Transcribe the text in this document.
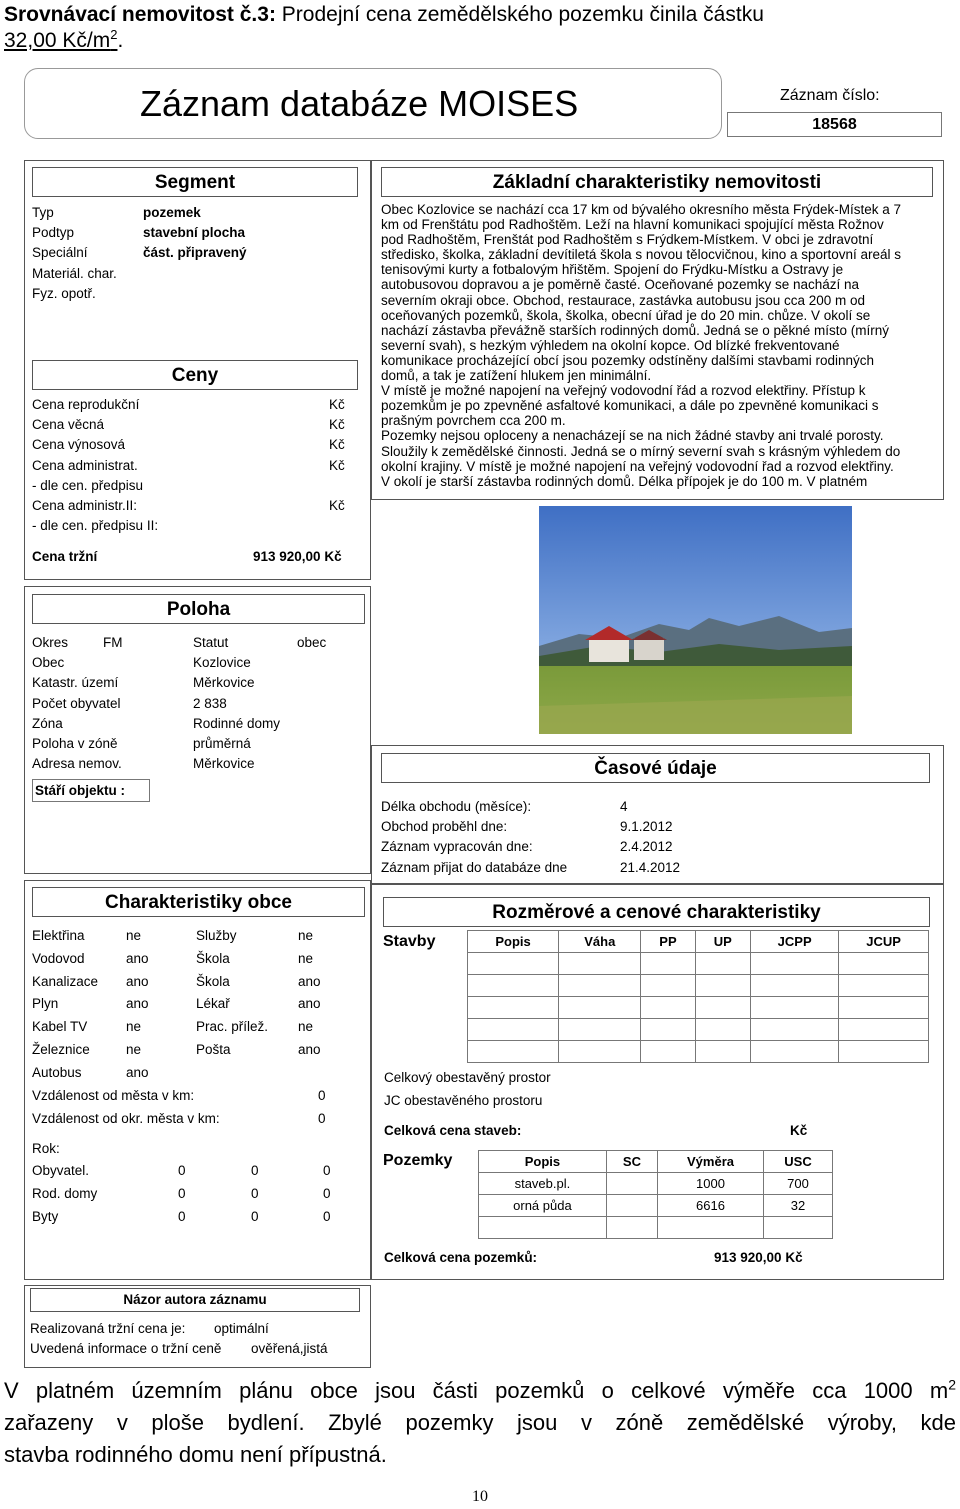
Srovnávací nemovitost č.3: Prodejní cena zemědělského pozemku činila částku
32,00 $Kč/m^2$.
Záznam databáze MOISES	Záznam číslo:
18568
Segment
Typ	pozemek
Podtyp	stavební plocha
Speciální	část. připravený
Materiál. char.
Fyz. opotř.
Ceny
Cena reprodukční	Kč
Cena věcná	Kč
Cena výnosová	Kč
Cena administrat.	Kč
- dle cen. předpisu
Cena administr.II:	Kč
- dle cen. předpisu II:
Cena tržní	913 920,00 Kč
Základní charakteristiky nemovitosti

Obec Kozlovice se nachází cca 17 km od bývalého okresního města Frýdek-Místek a 7

km od Frenštátu pod Radhoštěm. Leží na hlavní komunikaci spojující města Rožnov

pod Radhoštěm, Frenštát pod Radhoštěm s Frýdkem-Místkem. V obci je zdravotní

středisko, školka, základní devítiletá škola s novou tělocvičnou, kino a sportovní areál s

tenisovými kurty a fotbalovým hřištěm. Spojení do Frýdku-Místku a Ostravy je

autobusovou dopravou a je poměrně časté. Oceňované pozemky se nachází na

severním okraji obce. Obchod, restaurace, zastávka autobusu jsou cca 200 m od

oceňovaných pozemků, škola, školka, obecní úřad je do 20 min. chůze. V okolí se

nachází zástavba převážně starších rodinných domů. Jedná se o pěkné místo (mírný

severní svah), s hezkým výhledem na okolní kopce. Od blízké frekventované

komunikace procházející obcí jsou pozemky odstíněny dalšími stavbami rodinných

domů, a tak je zatížení hlukem jen minimální.

V místě je možné napojení na veřejný vodovodní řád a rozvod elektřiny. Přístup k

pozemkům je po zpevněné asfaltové komunikaci, a dále po zpevněné komunikaci s

prašným povrchem cca 200 m.

Pozemky nejsou oploceny a nenacházejí se na nich žádné stavby ani trvalé porosty.

Sloužily k zemědělské činnosti. Jedná se o mírný severní svah s krásným výhledem do

okolní krajiny. V místě je možné napojení na veřejný vodovodní řad a rozvod elektřiny.

V okolí je starší zástavba rodinných domů. Délka přípojek je do 100 m. V platném

Poloha
Okres	FM	Statut	obec
Obec	Kozlovice
Katastr. území	Měrkovice
Počet obyvatel	2 838
Zóna	Rodinné domy
Poloha v zóně	průměrná
Adresa nemov.	Měrkovice
Stáří objektu :
Časové údaje
Délka obchodu (měsíce):	4
Obchod proběhl dne:	9.1.2012
Záznam vypracován dne:	2.4.2012
Záznam přijat do databáze dne	21.4.2012
Charakteristiky obce
Elektřina	ne	Služby	ne
Vodovod	ano	Škola	ne
Kanalizace ano	Škola	ano
Plyn	ano	Lékař	ano
Kabel TV	ne	Prac. přílež. ne
Železnice	ne	Pošta	ano
Autobus	ano
Vzdálenost od města v km:	0
Vzdálenost od okr. města v km:	0
Rok:
Obyvatel.	0	0	0
Rod. domy	0	0	0
Byty	0	0	0
Rozměrové a cenové charakteristiky
Stavby	Popis	Váha	PP	UP	JCPP	JCUP

Celkový obestavěný prostor
JC obestavěného prostoru
Celková cena staveb:	Kč
Pozemky	Popis	SC	Výměra	USC
staveb.pl.		1000	700
orná půda		6616	32

Celková cena pozemků:	913 920,00 Kč
Názor autora záznamu
Realizovaná tržní cena je: optimální
Uvedená informace o tržní ceně ověřená,jistá
V platném územním plánu obce jsou části pozemků o celkové výměře cca 1000 $m^2$
zařazeny v ploše bydlení. Zbylé pozemky jsou v zóně zemědělské výroby, kde
stavba rodinného domu není přípustná.
10
